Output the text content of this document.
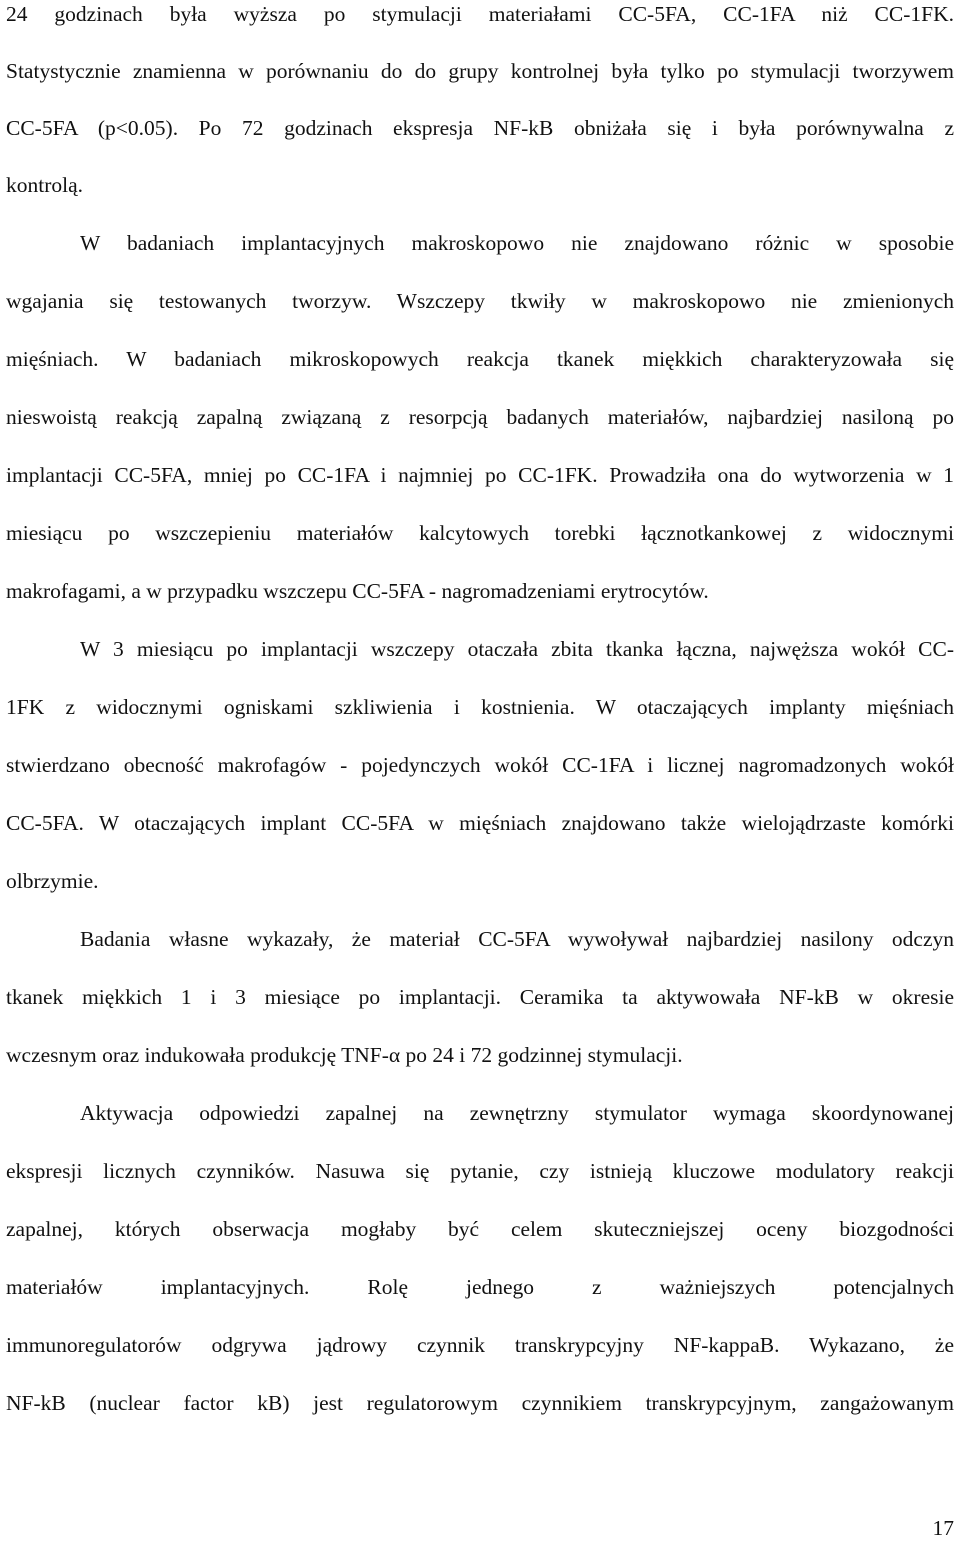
24 godzinach była wyższa po stymulacji materiałami CC-5FA, CC-1FA niż CC-1FK.
Statystycznie znamienna w porównaniu do do grupy kontrolnej była tylko po stymulacji tworzywem
CC-5FA (p<0.05). Po 72 godzinach ekspresja NF-kB obniżała się i była porównywalna z
kontrolą.
W badaniach implantacyjnych makroskopowo nie znajdowano różnic w sposobie
wgajania się testowanych tworzyw. Wszczepy tkwiły w makroskopowo nie zmienionych
mięśniach. W badaniach mikroskopowych reakcja tkanek miękkich charakteryzowała się
nieswoistą reakcją zapalną związaną z resorpcją badanych materiałów, najbardziej nasiloną po
implantacji CC-5FA, mniej po CC-1FA i najmniej po CC-1FK. Prowadziła ona do wytworzenia w 1
miesiącu po wszczepieniu materiałów kalcytowych torebki łącznotkankowej z widocznymi
makrofagami, a w przypadku wszczepu CC-5FA - nagromadzeniami erytrocytów.
W 3 miesiącu po implantacji wszczepy otaczała zbita tkanka łączna, najwęższa wokół CC-
1FK z widocznymi ogniskami szkliwienia i kostnienia. W otaczających implanty mięśniach
stwierdzano obecność makrofagów - pojedynczych wokół CC-1FA i licznej nagromadzonych wokół
CC-5FA. W otaczających implant CC-5FA w mięśniach znajdowano także wielojądrzaste komórki
olbrzymie.
Badania własne wykazały, że materiał CC-5FA wywoływał najbardziej nasilony odczyn
tkanek miękkich 1 i 3 miesiące po implantacji. Ceramika ta aktywowała NF-kB w okresie
wczesnym oraz indukowała produkcję TNF-α po 24 i 72 godzinnej stymulacji.
Aktywacja odpowiedzi zapalnej na zewnętrzny stymulator wymaga skoordynowanej
ekspresji licznych czynników. Nasuwa się pytanie, czy istnieją kluczowe modulatory reakcji
zapalnej, których obserwacja mogłaby być celem skuteczniejszej oceny biozgodności
materiałów implantacyjnych. Rolę jednego z ważniejszych potencjalnych
immunoregulatorów odgrywa jądrowy czynnik transkrypcyjny NF-kappaB. Wykazano, że
NF-kB (nuclear factor kB) jest regulatorowym czynnikiem transkrypcyjnym, zangażowanym
17
